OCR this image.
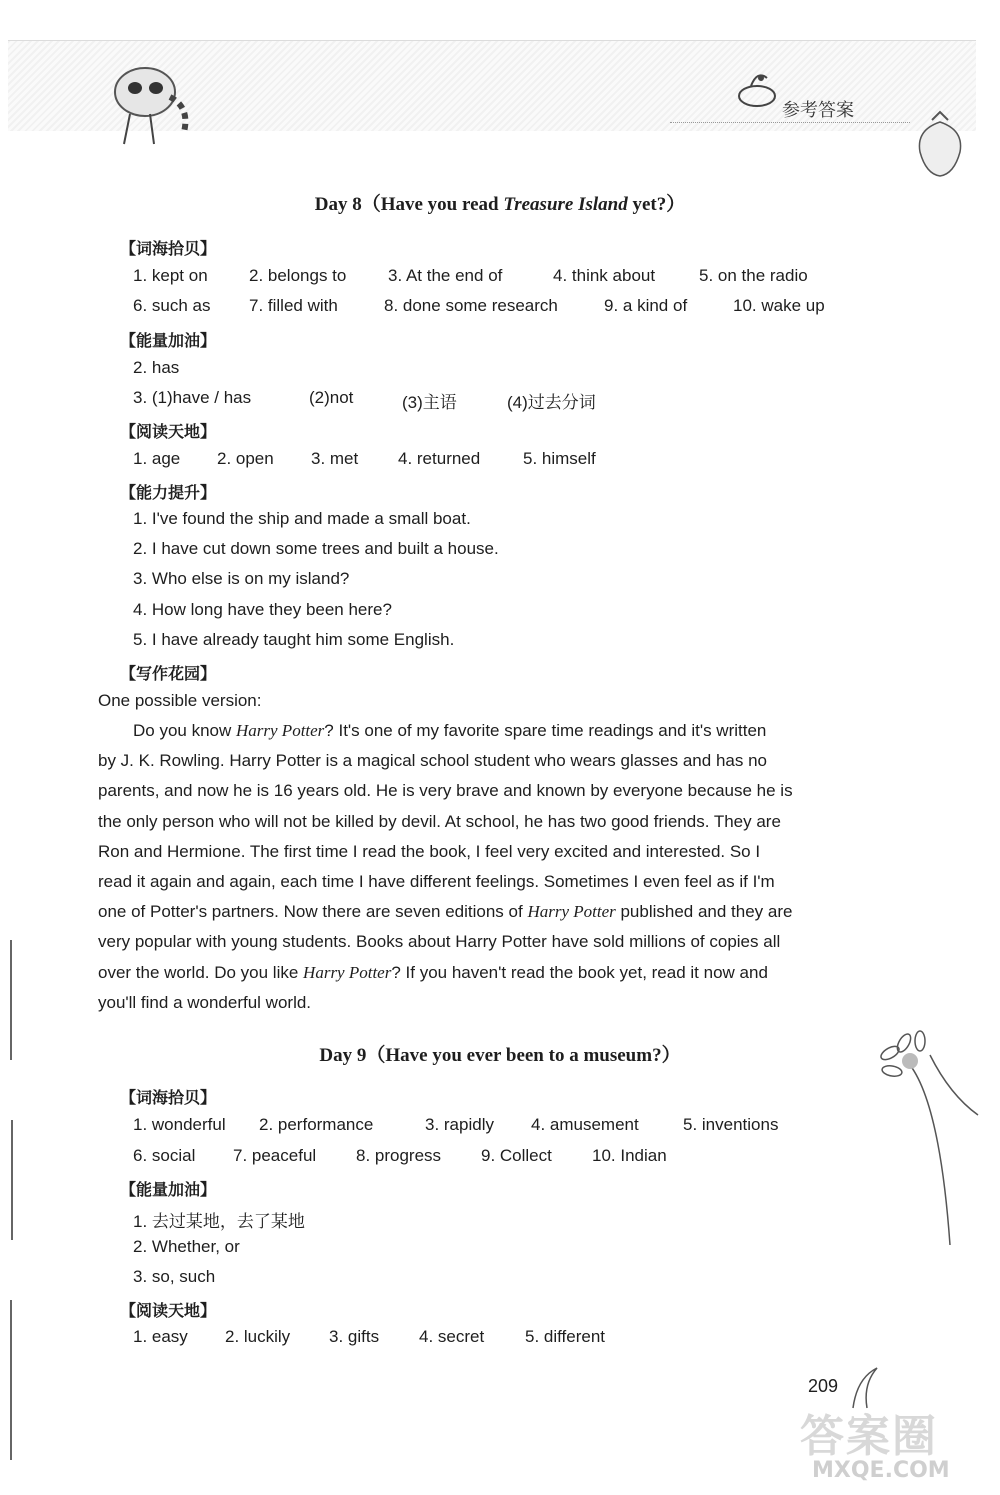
参考答案
Day 8（Have you read Treasure Island yet?）
【词海拾贝】
1. kept on 2. belongs to 3. At the end of	4. think about	5. on the radio
6. such as 7. filled with	8. done some research	9. a kind of	10. wake up
【能量加油】
2. has
3. (1)have / has	(2)not	(3)主语	(4)过去分词
【阅读天地】
1. age 2. open 3. met 4. returned	5. himself
【能力提升】
1. I've found the ship and made a small boat.
2. I have cut down some trees and built a house.
3. Who else is on my island?
4. How long have they been here?
5. I have already taught him some English.
【写作花园】
One possible version:
Do you know Harry Potter? It's one of my favorite spare time readings and it's written
by J. K. Rowling. Harry Potter is a magical school student who wears glasses and has no
parents, and now he is 16 years old. He is very brave and known by everyone because he is
the only person who will not be killed by devil. At school, he has two good friends. They are
Ron and Hermione. The first time I read the book, I feel very excited and interested. So I
read it again and again, each time I have different feelings. Sometimes I even feel as if I'm
one of Potter's partners. Now there are seven editions of Harry Potter published and they are
very popular with young students. Books about Harry Potter have sold millions of copies all
over the world. Do you like Harry Potter? If you haven't read the book yet, read it now and
you'll find a wonderful world.
Day 9（Have you ever been to a museum?）
【词海拾贝】
1. wonderful 2. performance	3. rapidly 4. amusement	5. inventions
6. social 7. peaceful 8. progress 9. Collect 10. Indian
【能量加油】
1. 去过某地，去了某地
2. Whether, or
3. so, such
【阅读天地】
1. easy 2. luckily 3. gifts 4. secret 5. different
209
答案圈
MXQE.COM
